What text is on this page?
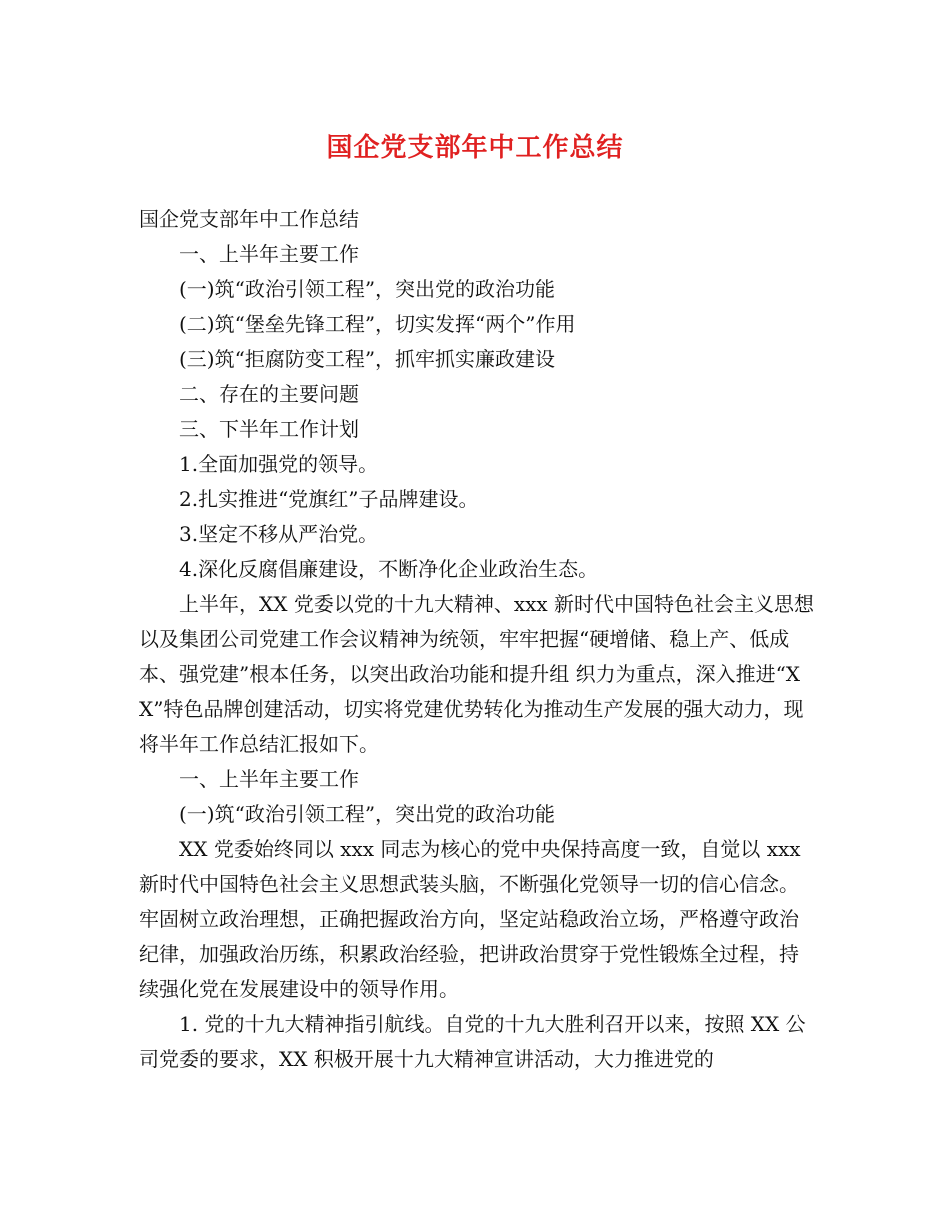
国企党支部年中工作总结

国企党支部年中工作总结

一、上半年主要工作

(一)筑“政治引领工程”，突出党的政治功能

(二)筑“堡垒先锋工程”，切实发挥“两个”作用

(三)筑“拒腐防变工程”，抓牢抓实廉政建设

二、存在的主要问题

三、下半年工作计划

1.全面加强党的领导。

2.扎实推进“党旗红”子品牌建设。

3.坚定不移从严治党。

4.深化反腐倡廉建设，不断净化企业政治生态。

上半年，XX 党委以党的十九大精神、xxx 新时代中国特色社会主义思想以及集团公司党建工作会议精神为统领，牢牢把握“硬增储、稳上产、低成本、强党建”根本任务，以突出政治功能和提升组 织力为重点，深入推进“XX”特色品牌创建活动，切实将党建优势转化为推动生产发展的强大动力，现将半年工作总结汇报如下。

一、上半年主要工作

(一)筑“政治引领工程”，突出党的政治功能

XX 党委始终同以 xxx 同志为核心的党中央保持高度一致，自觉以 xxx 新时代中国特色社会主义思想武装头脑，不断强化党领导一切的信心信念。牢固树立政治理想，正确把握政治方向，坚定站稳政治立场，严格遵守政治纪律，加强政治历练，积累政治经验，把讲政治贯穿于党性锻炼全过程，持续强化党在发展建设中的领导作用。

1. 党的十九大精神指引航线。自党的十九大胜利召开以来，按照 XX 公司党委的要求，XX 积极开展十九大精神宣讲活动，大力推进党的
